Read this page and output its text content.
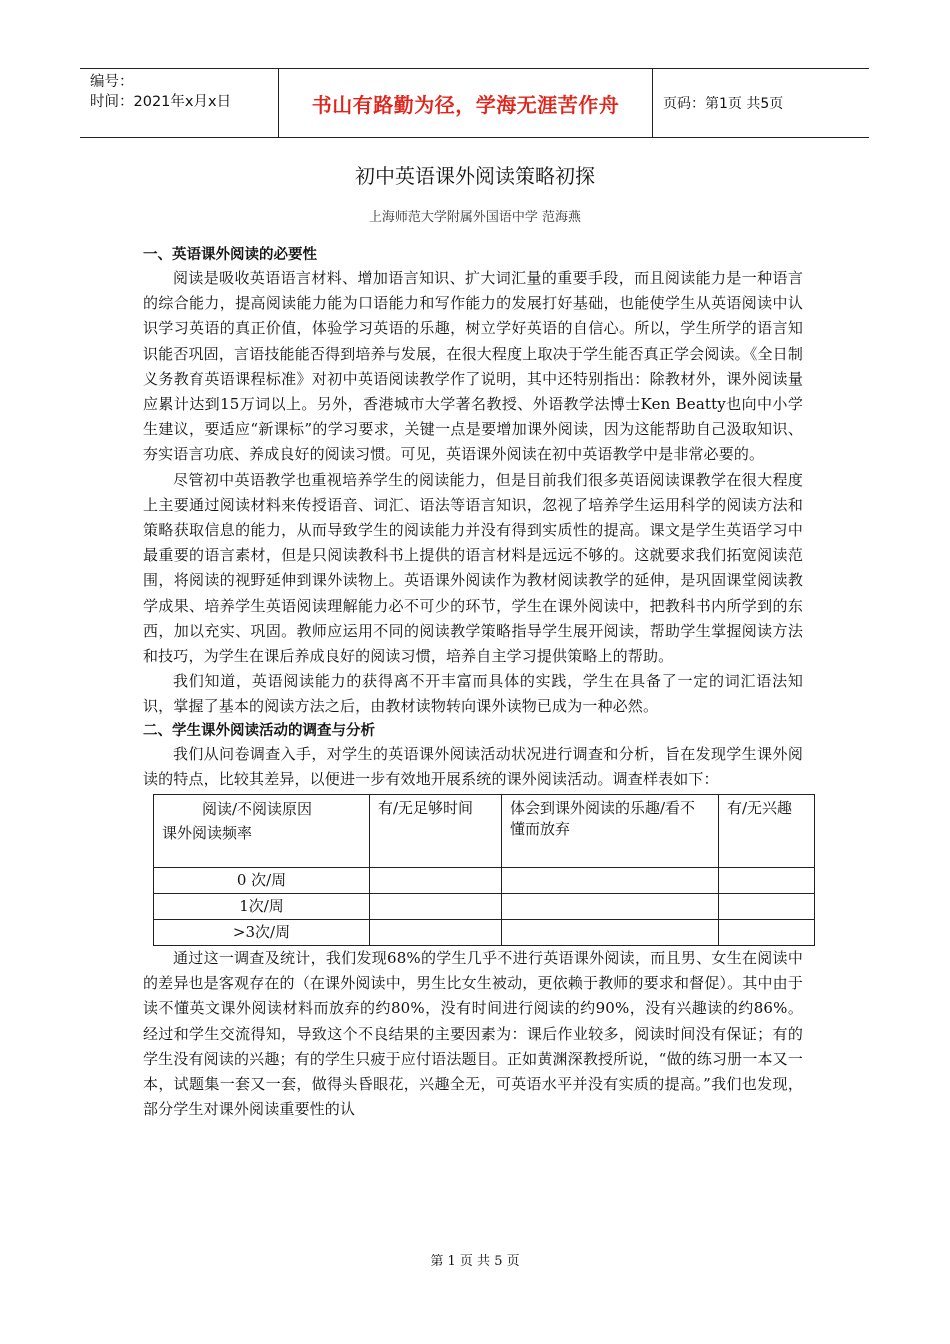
编号：
时间：2021年x月x日	书山有路勤为径，学海无涯苦作舟	页码：第1页 共5页
初中英语课外阅读策略初探
上海师范大学附属外国语中学 范海燕

一、英语课外阅读的必要性

阅读是吸收英语语言材料、增加语言知识、扩大词汇量的重要手段，而且阅读能力是一种语言的综合能力，提高阅读能力能为口语能力和写作能力的发展打好基础，也能使学生从英语阅读中认识学习英语的真正价值，体验学习英语的乐趣，树立学好英语的自信心。所以，学生所学的语言知识能否巩固，言语技能能否得到培养与发展，在很大程度上取决于学生能否真正学会阅读。《全日制义务教育英语课程标准》对初中英语阅读教学作了说明，其中还特别指出：除教材外，课外阅读量应累计达到15万词以上。另外，香港城市大学著名教授、外语教学法博士Ken Beatty也向中小学生建议，要适应“新课标”的学习要求，关键一点是要增加课外阅读，因为这能帮助自己汲取知识、夯实语言功底、养成良好的阅读习惯。可见，英语课外阅读在初中英语教学中是非常必要的。

尽管初中英语教学也重视培养学生的阅读能力，但是目前我们很多英语阅读课教学在很大程度上主要通过阅读材料来传授语音、词汇、语法等语言知识，忽视了培养学生运用科学的阅读方法和策略获取信息的能力，从而导致学生的阅读能力并没有得到实质性的提高。课文是学生英语学习中最重要的语言素材，但是只阅读教科书上提供的语言材料是远远不够的。这就要求我们拓宽阅读范围，将阅读的视野延伸到课外读物上。英语课外阅读作为教材阅读教学的延伸，是巩固课堂阅读教学成果、培养学生英语阅读理解能力必不可少的环节，学生在课外阅读中，把教科书内所学到的东西，加以充实、巩固。教师应运用不同的阅读教学策略指导学生展开阅读，帮助学生掌握阅读方法和技巧，为学生在课后养成良好的阅读习惯，培养自主学习提供策略上的帮助。

我们知道，英语阅读能力的获得离不开丰富而具体的实践，学生在具备了一定的词汇语法知识，掌握了基本的阅读方法之后，由教材读物转向课外读物已成为一种必然。

二、学生课外阅读活动的调查与分析

我们从问卷调查入手，对学生的英语课外阅读活动状况进行调查和分析，旨在发现学生课外阅读的特点，比较其差异，以便进一步有效地开展系统的课外阅读活动。调查样表如下：

阅读/不阅读原因
课外阅读频率	有/无足够时间	体会到课外阅读的乐趣/看不懂而放弃	有/无兴趣
0 次/周			
1次/周			
>3次/周			

通过这一调查及统计，我们发现68%的学生几乎不进行英语课外阅读，而且男、女生在阅读中的差异也是客观存在的（在课外阅读中，男生比女生被动，更依赖于教师的要求和督促）。其中由于读不懂英文课外阅读材料而放弃的约80%，没有时间进行阅读的约90%，没有兴趣读的约86%。经过和学生交流得知，导致这个不良结果的主要因素为：课后作业较多，阅读时间没有保证；有的学生没有阅读的兴趣；有的学生只疲于应付语法题目。正如黄渊深教授所说，“做的练习册一本又一本，试题集一套又一套，做得头昏眼花，兴趣全无，可英语水平并没有实质的提高。”我们也发现，部分学生对课外阅读重要性的认

第 1 页 共 5 页
